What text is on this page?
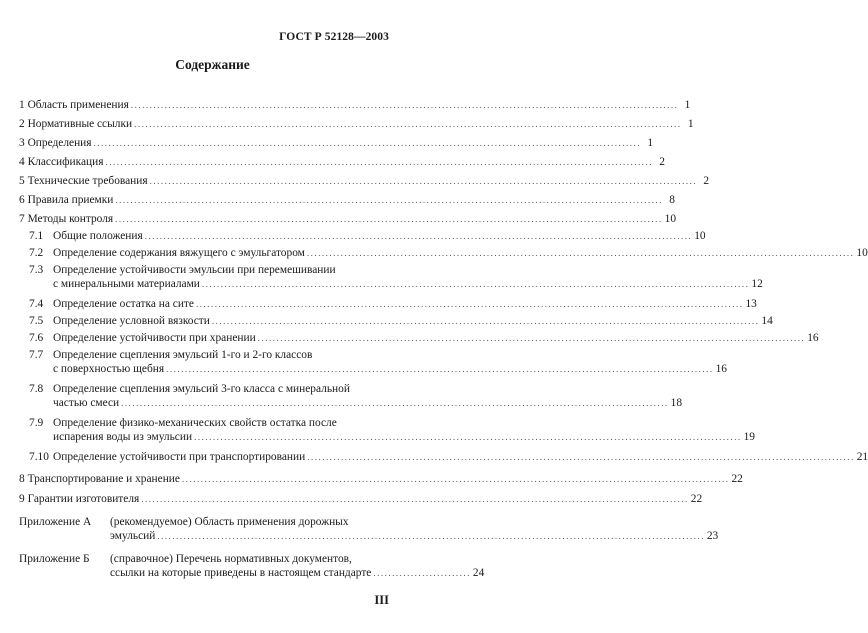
ГОСТ Р 52128—2003
Содержание
1 Область применения .................................................................................................................................................. 1
2 Нормативные ссылки .................................................................................................................................................. 1
3 Определения .................................................................................................................................................. 1
4 Классификация .................................................................................................................................................. 2
5 Технические требования .................................................................................................................................................. 2
6 Правила приемки .................................................................................................................................................. 8
7 Методы контроля .................................................................................................................................................. 10
7.1 Общие положения .................................................................................................................................................. 10
7.2 Определение содержания вяжущего с эмульгатором .................................................................................................................................................. 10
7.3 Определение устойчивости эмульсии при перемешивании
с минеральными материалами .................................................................................................................................................. 12
7.4 Определение остатка на сите .................................................................................................................................................. 13
7.5 Определение условной вязкости .................................................................................................................................................. 14
7.6 Определение устойчивости при хранении .................................................................................................................................................. 16
7.7 Определение сцепления эмульсий 1-го и 2-го классов
с поверхностью щебня .................................................................................................................................................. 16
7.8 Определение сцепления эмульсий 3-го класса с минеральной
частью смеси .................................................................................................................................................. 18
7.9 Определение физико-механических свойств остатка после
испарения воды из эмульсии .................................................................................................................................................. 19
7.10 Определение устойчивости при транспортировании .................................................................................................................................................. 21
8 Транспортирование и хранение .................................................................................................................................................. 22
9 Гарантии изготовителя .................................................................................................................................................. 22
Приложение А (рекомендуемое) Область применения дорожных
эмульсий .................................................................................................................................................. 23
Приложение Б (справочное) Перечень нормативных документов,
ссылки на которые приведены в настоящем стандарте .......................... 24
III
